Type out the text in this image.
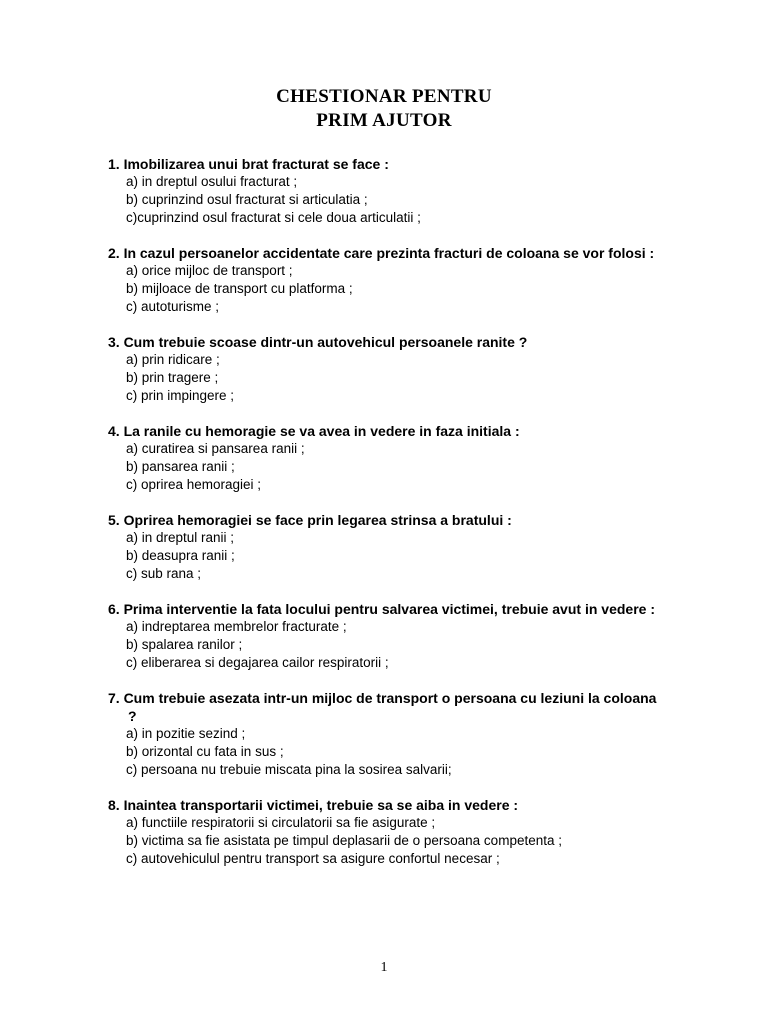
CHESTIONAR PENTRU
PRIM AJUTOR
1. Imobilizarea unui brat fracturat se face :
a) in dreptul osului fracturat ;
b) cuprinzind osul fracturat si articulatia ;
c)cuprinzind osul fracturat si cele doua articulatii ;
2. In cazul persoanelor accidentate care prezinta fracturi de coloana se vor folosi :
a) orice mijloc de transport ;
b) mijloace de transport cu platforma ;
c) autoturisme ;
3. Cum trebuie scoase dintr-un autovehicul persoanele ranite ?
a) prin ridicare ;
b) prin tragere ;
c) prin impingere ;
4. La ranile cu hemoragie se va avea in vedere in faza initiala :
a) curatirea si pansarea ranii ;
b) pansarea ranii ;
c) oprirea hemoragiei ;
5. Oprirea hemoragiei se face prin legarea strinsa a bratului :
a) in dreptul ranii ;
b) deasupra ranii ;
c) sub rana ;
6. Prima interventie la fata locului pentru salvarea victimei, trebuie avut in vedere :
a) indreptarea membrelor fracturate ;
b) spalarea ranilor ;
c) eliberarea si degajarea cailor respiratorii ;
7. Cum trebuie asezata intr-un mijloc de transport o persoana cu leziuni la coloana ?
a) in pozitie sezind ;
b) orizontal cu fata in sus ;
c) persoana nu trebuie miscata pina la sosirea salvarii;
8. Inaintea transportarii victimei, trebuie sa se aiba in vedere :
a) functiile respiratorii si circulatorii sa fie asigurate ;
b) victima sa fie asistata pe timpul deplasarii de o persoana competenta ;
c) autovehiculul pentru transport sa asigure confortul necesar ;
1
